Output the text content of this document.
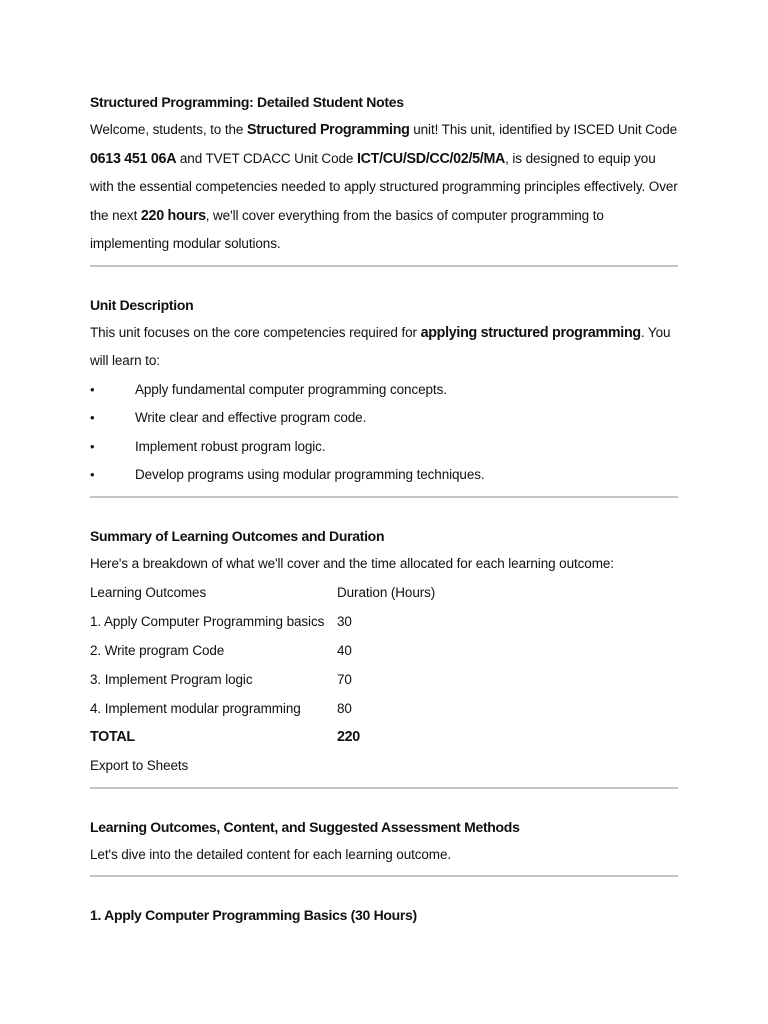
Structured Programming: Detailed Student Notes
Welcome, students, to the Structured Programming unit! This unit, identified by ISCED Unit Code 0613 451 06A and TVET CDACC Unit Code ICT/CU/SD/CC/02/5/MA, is designed to equip you with the essential competencies needed to apply structured programming principles effectively. Over the next 220 hours, we'll cover everything from the basics of computer programming to implementing modular solutions.
Unit Description
This unit focuses on the core competencies required for applying structured programming. You will learn to:
•	Apply fundamental computer programming concepts.
•	Write clear and effective program code.
•	Implement robust program logic.
•	Develop programs using modular programming techniques.
Summary of Learning Outcomes and Duration
Here's a breakdown of what we'll cover and the time allocated for each learning outcome:
Learning Outcomes	Duration (Hours)
1. Apply Computer Programming basics	30
2. Write program Code	40
3. Implement Program logic	70
4. Implement modular programming	80
TOTAL	220
Export to Sheets
Learning Outcomes, Content, and Suggested Assessment Methods
Let's dive into the detailed content for each learning outcome.
1. Apply Computer Programming Basics (30 Hours)
